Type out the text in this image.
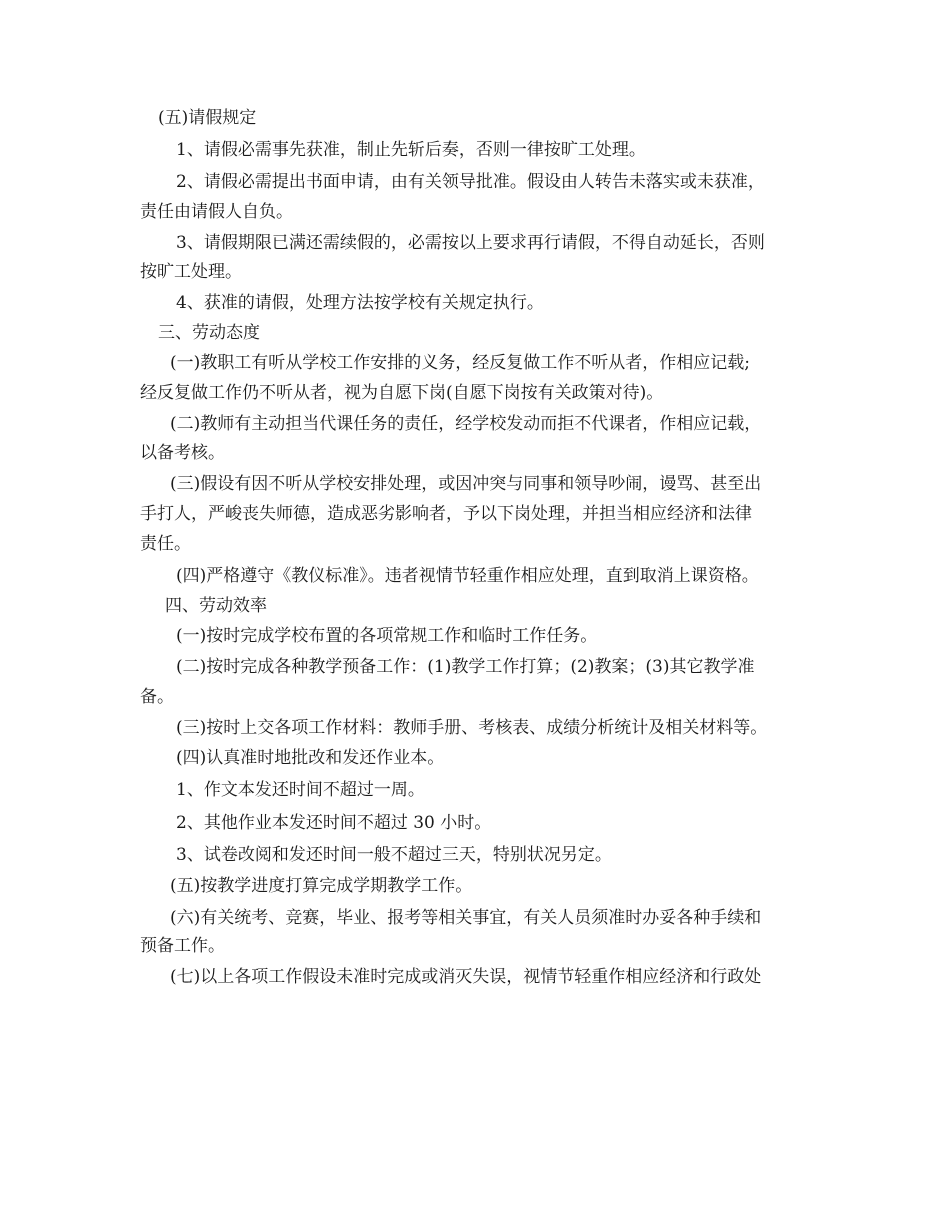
(五)请假规定
1、请假必需事先获准，制止先斩后奏，否则一律按旷工处理。
2、请假必需提出书面申请，由有关领导批准。假设由人转告未落实或未获准，
责任由请假人自负。
3、请假期限已满还需续假的，必需按以上要求再行请假，不得自动延长，否则
按旷工处理。
4、获准的请假，处理方法按学校有关规定执行。
三、劳动态度
(一)教职工有听从学校工作安排的义务，经反复做工作不听从者，作相应记载;
经反复做工作仍不听从者，视为自愿下岗(自愿下岗按有关政策对待)。
(二)教师有主动担当代课任务的责任，经学校发动而拒不代课者，作相应记载，
以备考核。
(三)假设有因不听从学校安排处理，或因冲突与同事和领导吵闹，谩骂、甚至出
手打人，严峻丧失师德，造成恶劣影响者，予以下岗处理，并担当相应经济和法律
责任。
(四)严格遵守《教仪标准》。违者视情节轻重作相应处理，直到取消上课资格。
四、劳动效率
(一)按时完成学校布置的各项常规工作和临时工作任务。
(二)按时完成各种教学预备工作：(1)教学工作打算；(2)教案；(3)其它教学准
备。
(三)按时上交各项工作材料：教师手册、考核表、成绩分析统计及相关材料等。
(四)认真准时地批改和发还作业本。
1、作文本发还时间不超过一周。
2、其他作业本发还时间不超过 30 小时。
3、试卷改阅和发还时间一般不超过三天，特别状况另定。
(五)按教学进度打算完成学期教学工作。
(六)有关统考、竞赛，毕业、报考等相关事宜，有关人员须准时办妥各种手续和
预备工作。
(七)以上各项工作假设未准时完成或消灭失误，视情节轻重作相应经济和行政处
